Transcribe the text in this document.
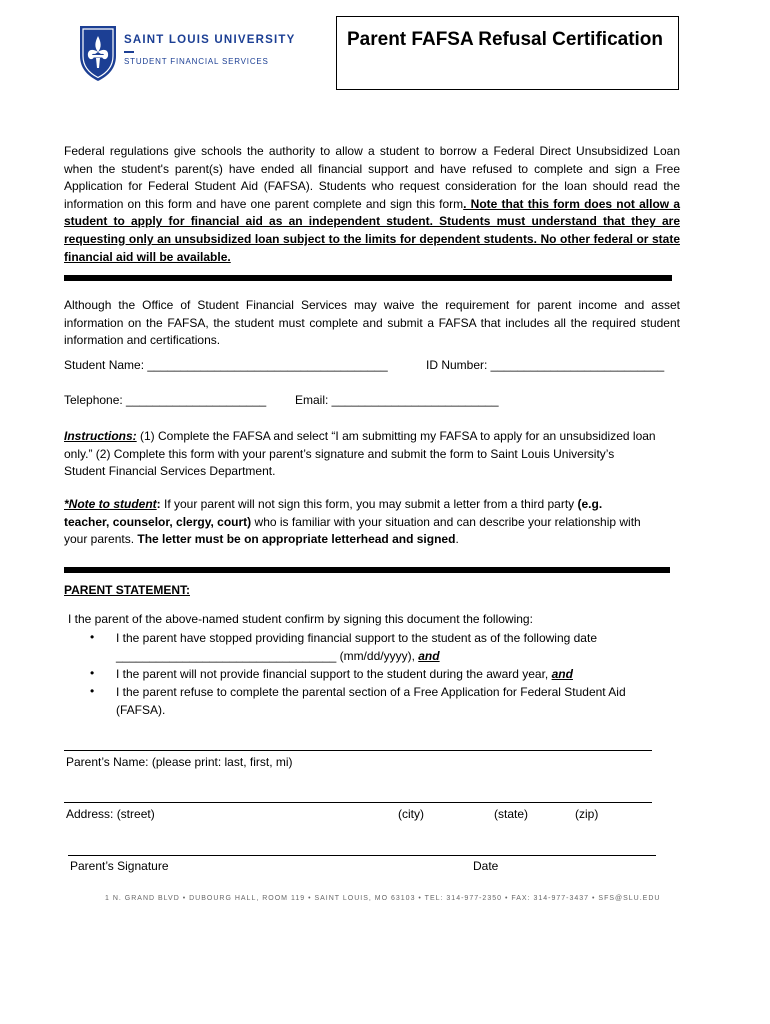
SAINT LOUIS UNIVERSITY
STUDENT FINANCIAL SERVICES
Parent FAFSA Refusal Certification
Federal regulations give schools the authority to allow a student to borrow a Federal Direct Unsubsidized Loan when the student's parent(s) have ended all financial support and have refused to complete and sign a Free Application for Federal Student Aid (FAFSA). Students who request consideration for the loan should read the information on this form and have one parent complete and sign this form. Note that this form does not allow a student to apply for financial aid as an independent student. Students must understand that they are requesting only an unsubsidized loan subject to the limits for dependent students. No other federal or state financial aid will be available.
Although the Office of Student Financial Services may waive the requirement for parent income and asset information on the FAFSA, the student must complete and submit a FAFSA that includes all the required student information and certifications.
Student Name: ____________________________________	ID Number: __________________________
Telephone: _____________________ Email: _________________________
Instructions: (1) Complete the FAFSA and select “I am submitting my FAFSA to apply for an unsubsidized loan
only.” (2) Complete this form with your parent’s signature and submit the form to Saint Louis University’s
Student Financial Services Department.
*Note to student: If your parent will not sign this form, you may submit a letter from a third party (e.g.
teacher, counselor, clergy, court) who is familiar with your situation and can describe your relationship with
your parents. The letter must be on appropriate letterhead and signed.
PARENT STATEMENT:
I the parent of the above-named student confirm by signing this document the following:
• I the parent have stopped providing financial support to the student as of the following date
_________________________________ (mm/dd/yyyy), and
• I the parent will not provide financial support to the student during the award year, and
• I the parent refuse to complete the parental section of a Free Application for Federal Student Aid
(FAFSA).
Parent’s Name: (please print: last, first, mi)
Address: (street)	(city)	(state)	(zip)
Parent’s Signature	Date
1 N. GRAND BLVD • DUBOURG HALL, ROOM 119 • SAINT LOUIS, MO 63103 • TEL: 314-977-2350 • FAX: 314-977-3437 • SFS@SLU.EDU
